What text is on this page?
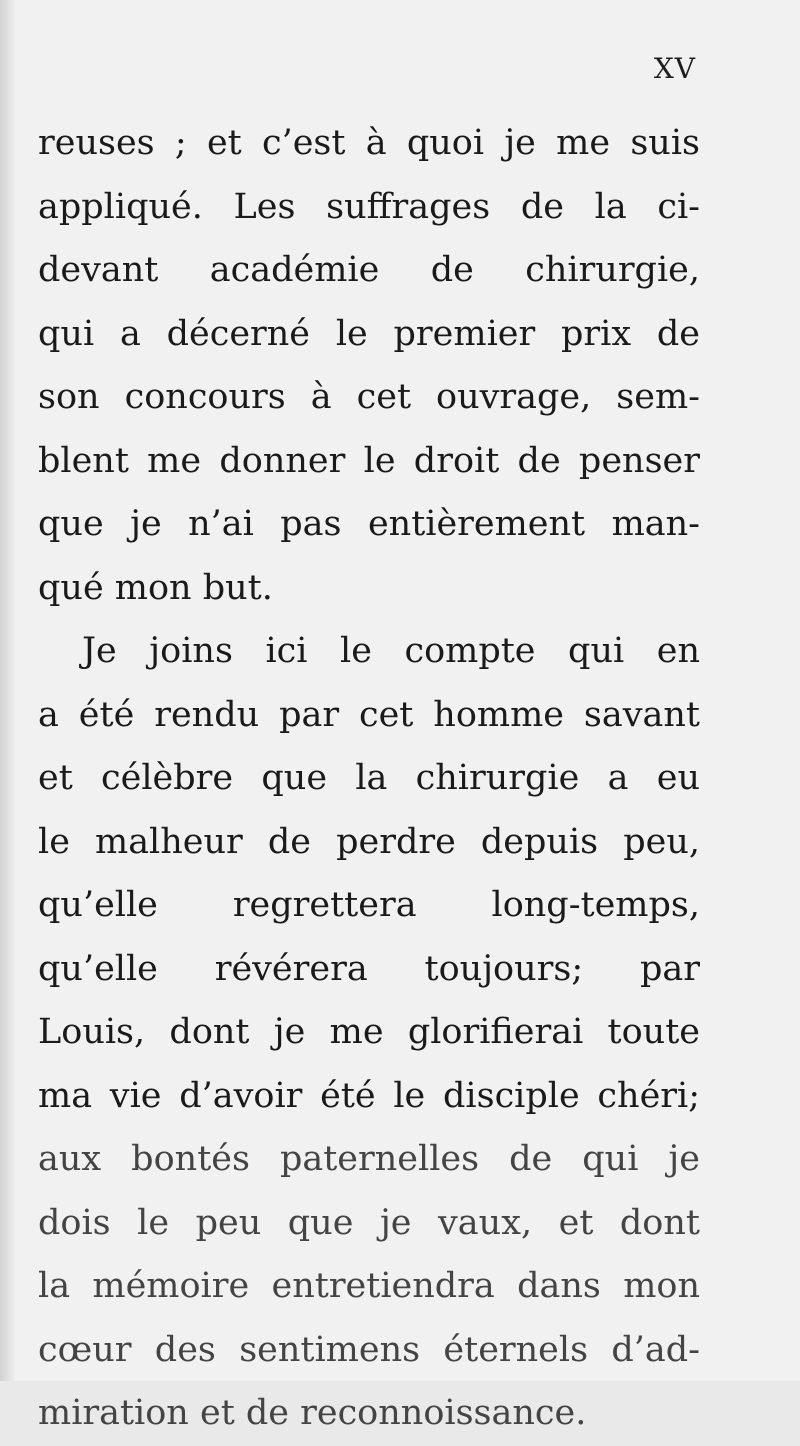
XV
reuses ; et c’est à quoi je me suis
appliqué. Les suffrages de la ci-
devant académie de chirurgie,
qui a décerné le premier prix de
son concours à cet ouvrage, sem-
blent me donner le droit de penser
que je n’ai pas entièrement man-
qué mon but.
Je joins ici le compte qui en
a été rendu par cet homme savant
et célèbre que la chirurgie a eu
le malheur de perdre depuis peu,
qu’elle regrettera long-temps,
qu’elle révérera toujours; par
Louis, dont je me glorifierai toute
ma vie d’avoir été le disciple chéri;
aux bontés paternelles de qui je
dois le peu que je vaux, et dont
la mémoire entretiendra dans mon
cœur des sentimens éternels d’ad-
miration et de reconnoissance.
